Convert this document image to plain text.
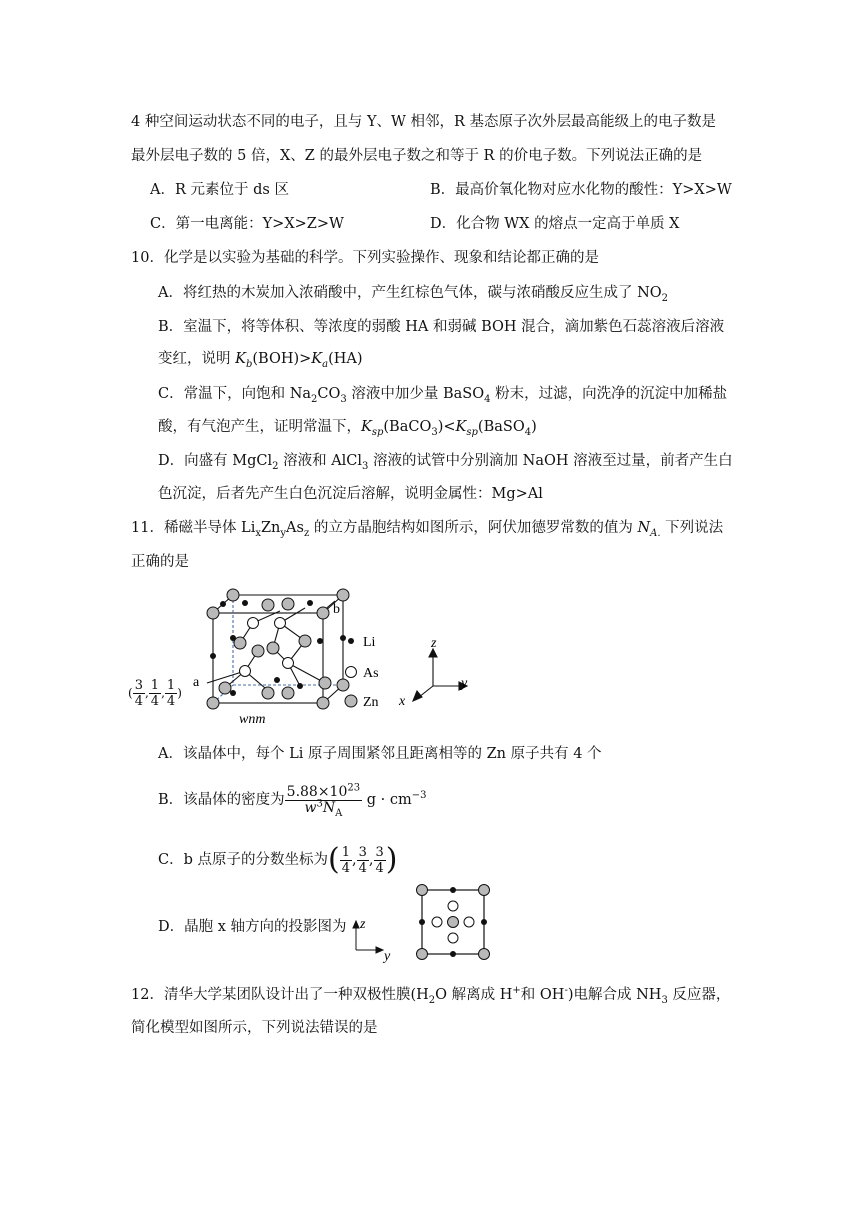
4 种空间运动状态不同的电子，且与 Y、W 相邻，R 基态原子次外层最高能级上的电子数是
最外层电子数的 5 倍，X、Z 的最外层电子数之和等于 R 的价电子数。下列说法正确的是
A．R 元素位于 ds 区	B．最高价氧化物对应水化物的酸性：Y>X>W
C．第一电离能：Y>X>Z>W	D．化合物 WX 的熔点一定高于单质 X
10．化学是以实验为基础的科学。下列实验操作、现象和结论都正确的是
A．将红热的木炭加入浓硝酸中，产生红棕色气体，碳与浓硝酸反应生成了 $NO_2$
B．室温下，将等体积、等浓度的弱酸 HA 和弱碱 BOH 混合，滴加紫色石蕊溶液后溶液
变红，说明 $K_b(BOH)>K_a(HA)$
C．常温下，向饱和 $Na_2CO_3$ 溶液中加少量 BaSO$_4$ 粉末，过滤，向洗净的沉淀中加稀盐
酸，有气泡产生，证明常温下，$K_{sp}(BaCO_3)<K_{sp}(BaSO_4)$
D．向盛有 MgCl$_2$ 溶液和 AlCl$_3$ 溶液的试管中分别滴加 NaOH 溶液至过量，前者产生白
色沉淀，后者先产生白色沉淀后溶解，说明金属性：Mg>Al
11．稀磁半导体 $Li_xZn_yAs_z$ 的立方晶胞结构如图所示，阿伏加德罗常数的值为 $N_{A.}$ 下列说法
正确的是
b
a
wnm
Li
As
Zn
z
x
y
( $\frac{3}{4}$ , $\frac{1}{4}$ , $\frac{1}{4}$ )
A．该晶体中，每个 Li 原子周围紧邻且距离相等的 Zn 原子共有 4 个
B．该晶体的密度为 $\frac{5.88\times 10^{23}}{w^3N_A}$ $g \cdot cm^{-3}$
C．b 点原子的分数坐标为( $\frac{1}{4}$ , $\frac{3}{4}$ , $\frac{3}{4}$ )
D．晶胞 x 轴方向的投影图为 z
y
12．清华大学某团队设计出了一种双极性膜($H_2O$ 解离成 H+和 OH-)电解合成 $NH_3$ 反应器，
简化模型如图所示，下列说法错误的是
